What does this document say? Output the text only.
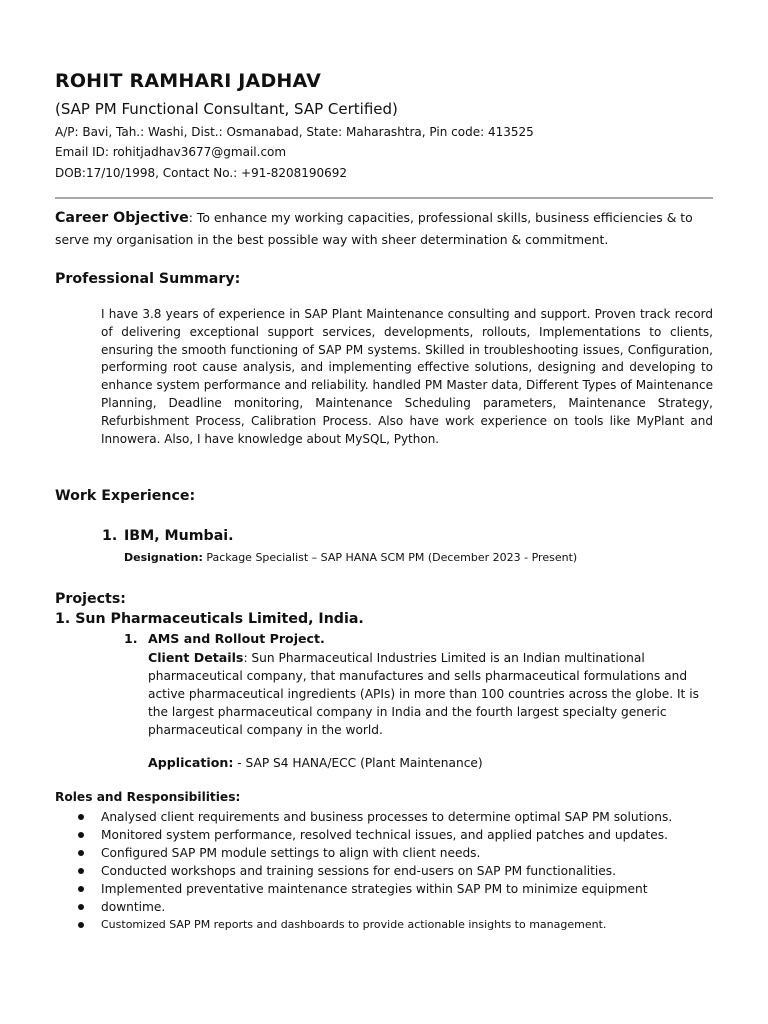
ROHIT RAMHARI JADHAV
(SAP PM Functional Consultant, SAP Certified)
A/P: Bavi, Tah.: Washi, Dist.: Osmanabad, State: Maharashtra, Pin code: 413525
Email ID: rohitjadhav3677@gmail.com
DOB:17/10/1998, Contact No.: +91-8208190692
Career Objective: To enhance my working capacities, professional skills, business efficiencies & to serve my organisation in the best possible way with sheer determination & commitment.
Professional Summary:
I have 3.8 years of experience in SAP Plant Maintenance consulting and support. Proven track record of delivering exceptional support services, developments, rollouts, Implementations to clients, ensuring the smooth functioning of SAP PM systems. Skilled in troubleshooting issues, Configuration, performing root cause analysis, and implementing effective solutions, designing and developing to enhance system performance and reliability. handled PM Master data, Different Types of Maintenance Planning, Deadline monitoring, Maintenance Scheduling parameters, Maintenance Strategy, Refurbishment Process, Calibration Process. Also have work experience on tools like MyPlant and Innowera. Also, I have knowledge about MySQL, Python.
Work Experience:
1. IBM, Mumbai.
Designation: Package Specialist – SAP HANA SCM PM (December 2023 - Present)
Projects:
1. Sun Pharmaceuticals Limited, India.
1. AMS and Rollout Project.
Client Details: Sun Pharmaceutical Industries Limited is an Indian multinational pharmaceutical company, that manufactures and sells pharmaceutical formulations and active pharmaceutical ingredients (APIs) in more than 100 countries across the globe. It is the largest pharmaceutical company in India and the fourth largest specialty generic pharmaceutical company in the world.
Application: - SAP S4 HANA/ECC (Plant Maintenance)
Roles and Responsibilities:
Analysed client requirements and business processes to determine optimal SAP PM solutions.
Monitored system performance, resolved technical issues, and applied patches and updates.
Configured SAP PM module settings to align with client needs.
Conducted workshops and training sessions for end-users on SAP PM functionalities.
Implemented preventative maintenance strategies within SAP PM to minimize equipment
downtime.
Customized SAP PM reports and dashboards to provide actionable insights to management.
